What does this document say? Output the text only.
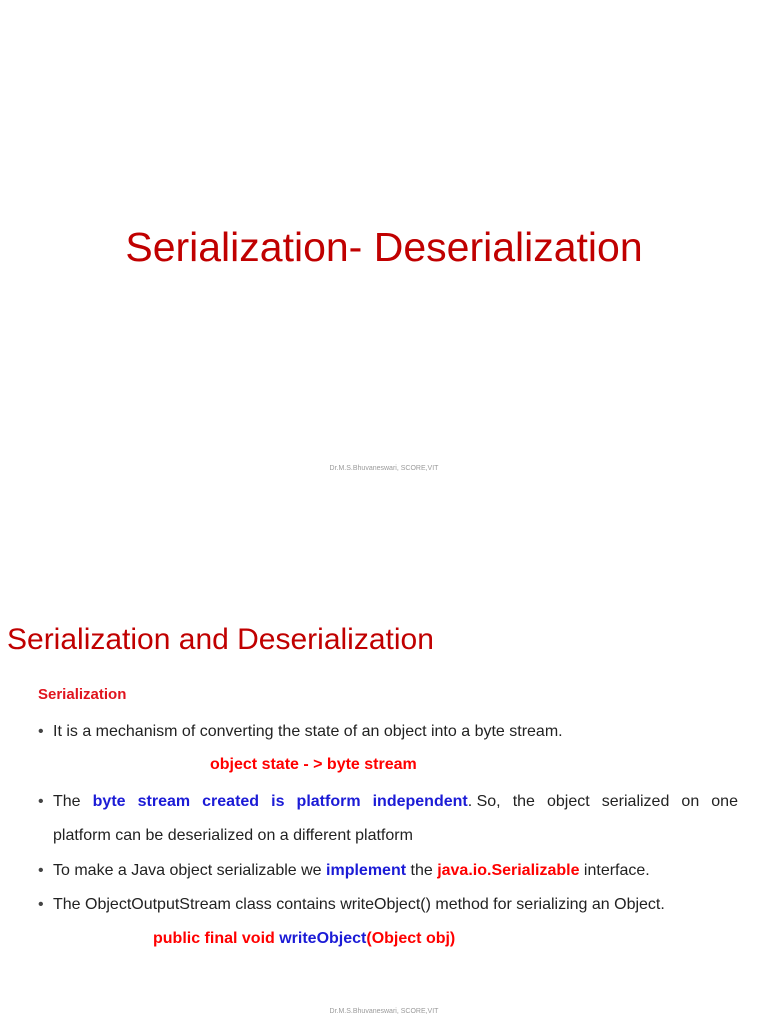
Serialization- Deserialization
Dr.M.S.Bhuvaneswari, SCORE,VIT
Serialization and Deserialization
Serialization
• It is a mechanism of converting the state of an object into a byte stream.
object state - > byte stream
• The byte stream created is platform independent. So, the object serialized on one
platform can be deserialized on a different platform
• To make a Java object serializable we implement the java.io.Serializable interface.
• The ObjectOutputStream class contains writeObject() method for serializing an Object.
public final void writeObject(Object obj)
Dr.M.S.Bhuvaneswari, SCORE,VIT
